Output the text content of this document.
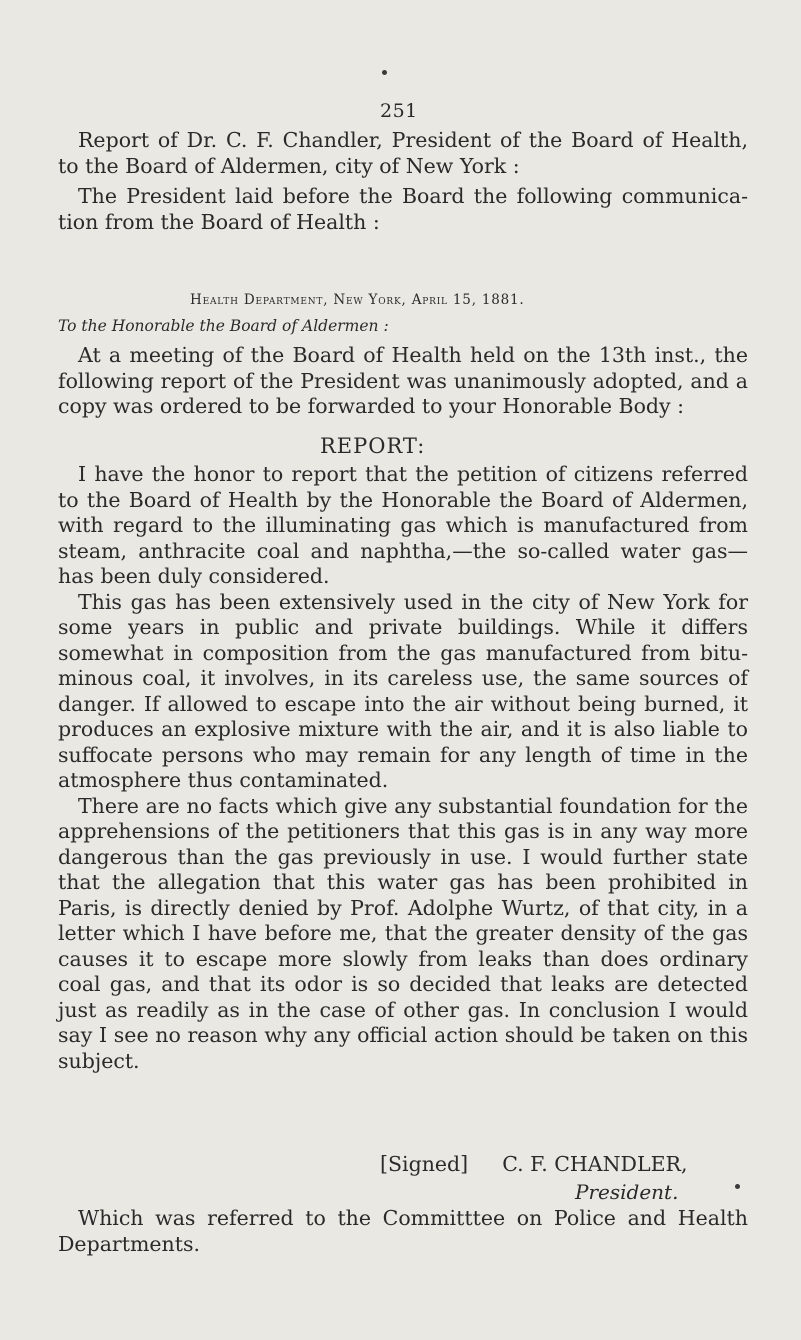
251

Report of Dr. C. F. Chandler, President of the Board of Health, to the Board of Aldermen, city of New York :

The President laid before the Board the following communication from the Board of Health :

Health Department, New York, April 15, 1881.
To the Honorable the Board of Aldermen :

At a meeting of the Board of Health held on the 13th inst., the following report of the President was unanimously adopted, and a copy was ordered to be forwarded to your Honorable Body :

REPORT:

I have the honor to report that the petition of citizens referred to the Board of Health by the Honorable the Board of Aldermen, with regard to the illuminating gas which is manufactured from steam, anthracite coal and naphtha,—the so-called water gas—has been duly considered.

This gas has been extensively used in the city of New York for some years in public and private buildings. While it differs somewhat in composition from the gas manufactured from bituminous coal, it involves, in its careless use, the same sources of danger. If allowed to escape into the air without being burned, it produces an explosive mixture with the air, and it is also liable to suffocate persons who may remain for any length of time in the atmosphere thus contaminated.

There are no facts which give any substantial foundation for the apprehensions of the petitioners that this gas is in any way more dangerous than the gas previously in use. I would further state that the allegation that this water gas has been prohibited in Paris, is directly denied by Prof. Adolphe Wurtz, of that city, in a letter which I have before me, that the greater density of the gas causes it to escape more slowly from leaks than does ordinary coal gas, and that its odor is so decided that leaks are detected just as readily as in the case of other gas. In conclusion I would say I see no reason why any official action should be taken on this subject.

[Signed] C. F. CHANDLER,
President.

Which was referred to the Committtee on Police and Health Departments.
